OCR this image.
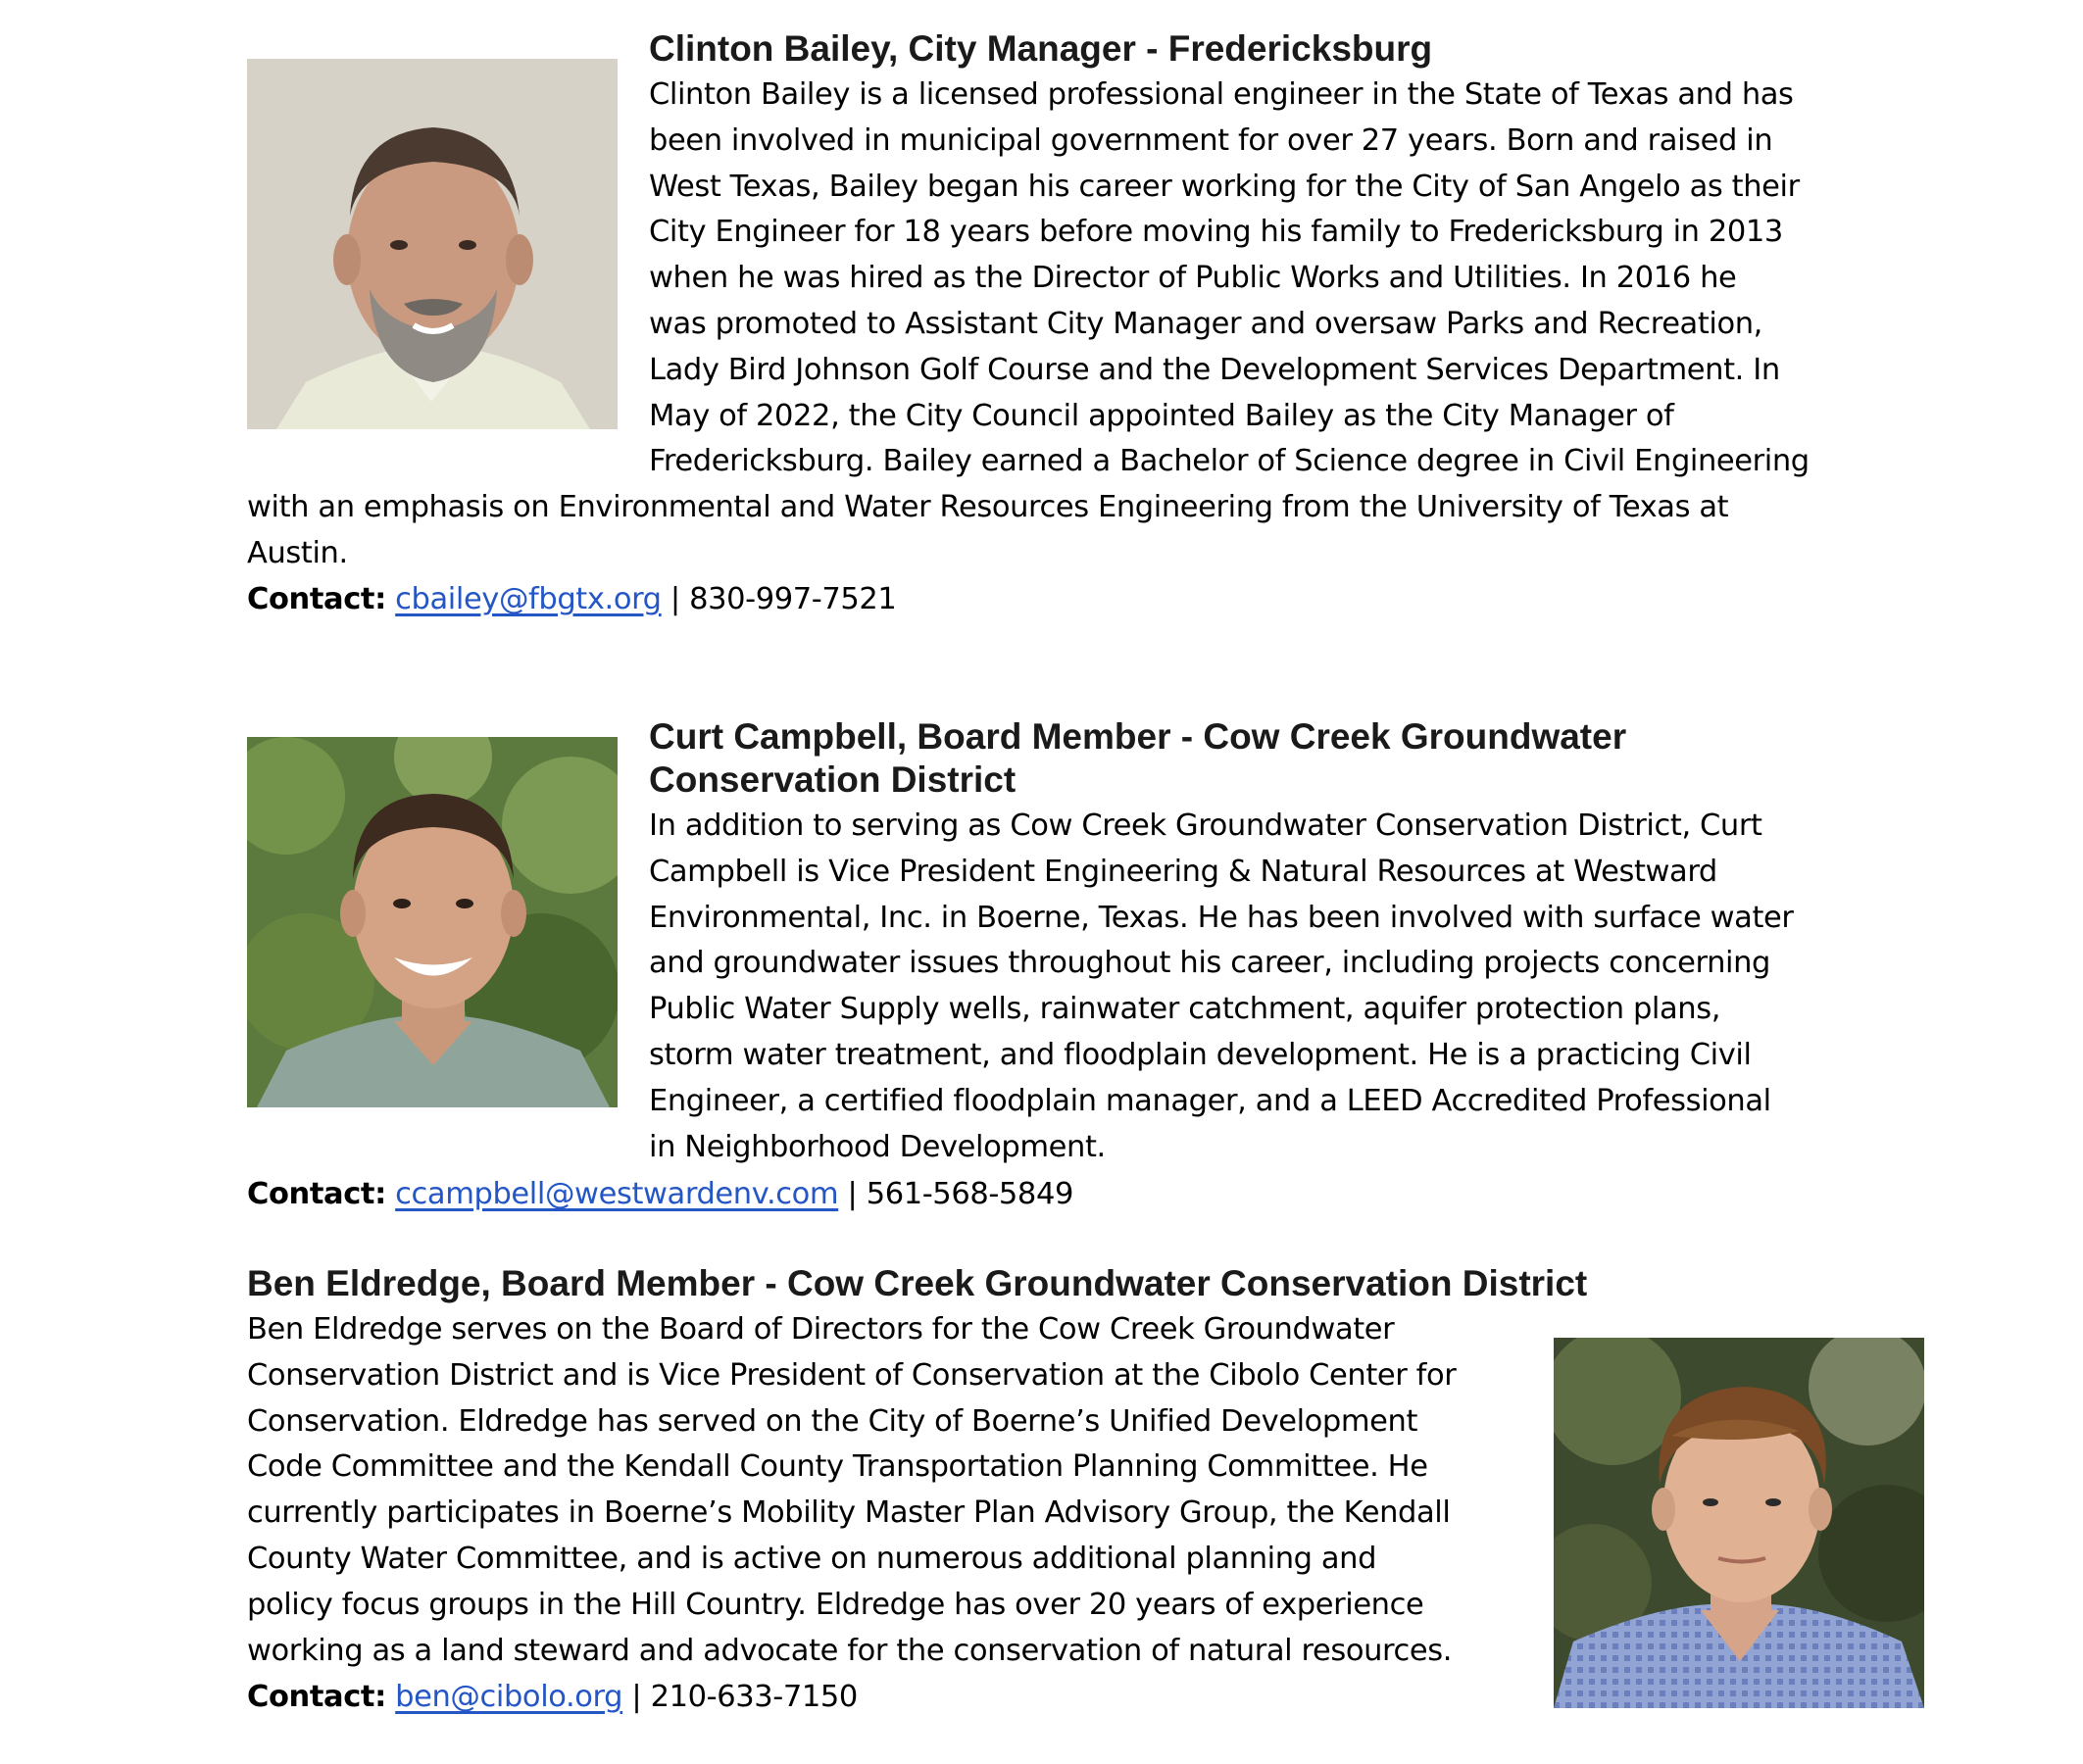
Clinton Bailey, City Manager - Fredericksburg
Clinton Bailey is a licensed professional engineer in the State of Texas and has
been involved in municipal government for over 27 years. Born and raised in
West Texas, Bailey began his career working for the City of San Angelo as their
City Engineer for 18 years before moving his family to Fredericksburg in 2013
when he was hired as the Director of Public Works and Utilities. In 2016 he
was promoted to Assistant City Manager and oversaw Parks and Recreation,
Lady Bird Johnson Golf Course and the Development Services Department. In
May of 2022, the City Council appointed Bailey as the City Manager of
Fredericksburg. Bailey earned a Bachelor of Science degree in Civil Engineering
with an emphasis on Environmental and Water Resources Engineering from the University of Texas at
Austin.
Contact: cbailey@fbgtx.org | 830-997-7521
Curt Campbell, Board Member - Cow Creek Groundwater
Conservation District
In addition to serving as Cow Creek Groundwater Conservation District, Curt
Campbell is Vice President Engineering & Natural Resources at Westward
Environmental, Inc. in Boerne, Texas. He has been involved with surface water
and groundwater issues throughout his career, including projects concerning
Public Water Supply wells, rainwater catchment, aquifer protection plans,
storm water treatment, and floodplain development. He is a practicing Civil
Engineer, a certified floodplain manager, and a LEED Accredited Professional
in Neighborhood Development.
Contact: ccampbell@westwardenv.com | 561-568-5849
Ben Eldredge, Board Member - Cow Creek Groundwater Conservation District
Ben Eldredge serves on the Board of Directors for the Cow Creek Groundwater
Conservation District and is Vice President of Conservation at the Cibolo Center for
Conservation. Eldredge has served on the City of Boerne’s Unified Development
Code Committee and the Kendall County Transportation Planning Committee. He
currently participates in Boerne’s Mobility Master Plan Advisory Group, the Kendall
County Water Committee, and is active on numerous additional planning and
policy focus groups in the Hill Country. Eldredge has over 20 years of experience
working as a land steward and advocate for the conservation of natural resources.
Contact: ben@cibolo.org | 210-633-7150
